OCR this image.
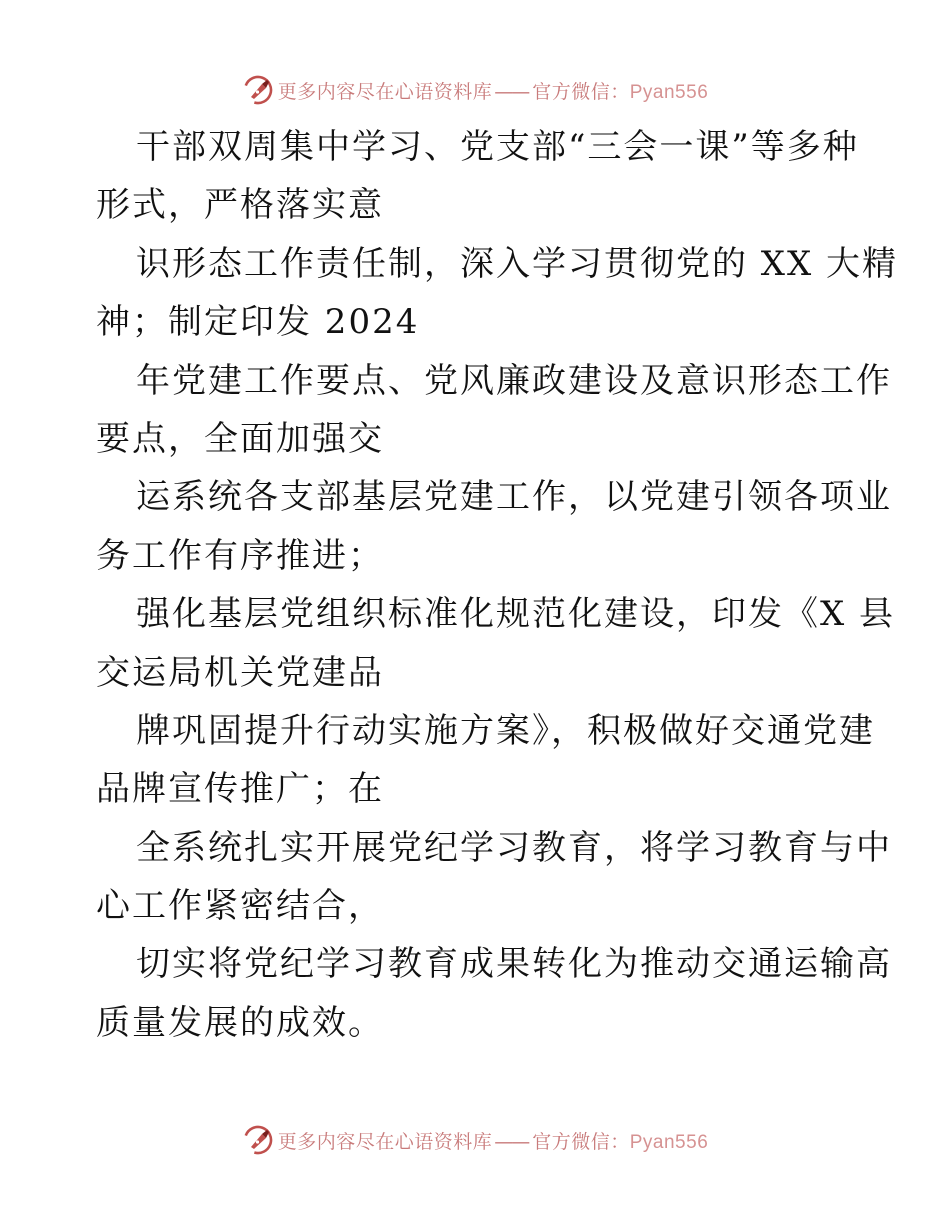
更多内容尽在心语资料库 —— 官方微信：Pyan556
干部双周集中学习、党支部“三会一课”等多种
形式，严格落实意
识形态工作责任制，深入学习贯彻党的 XX 大精
神；制定印发 2024
年党建工作要点、党风廉政建设及意识形态工作
要点，全面加强交
运系统各支部基层党建工作，以党建引领各项业
务工作有序推进；
强化基层党组织标准化规范化建设，印发《X 县
交运局机关党建品
牌巩固提升行动实施方案》，积极做好交通党建
品牌宣传推广；在
全系统扎实开展党纪学习教育，将学习教育与中
心工作紧密结合，
切实将党纪学习教育成果转化为推动交通运输高
质量发展的成效。
更多内容尽在心语资料库 —— 官方微信：Pyan556
